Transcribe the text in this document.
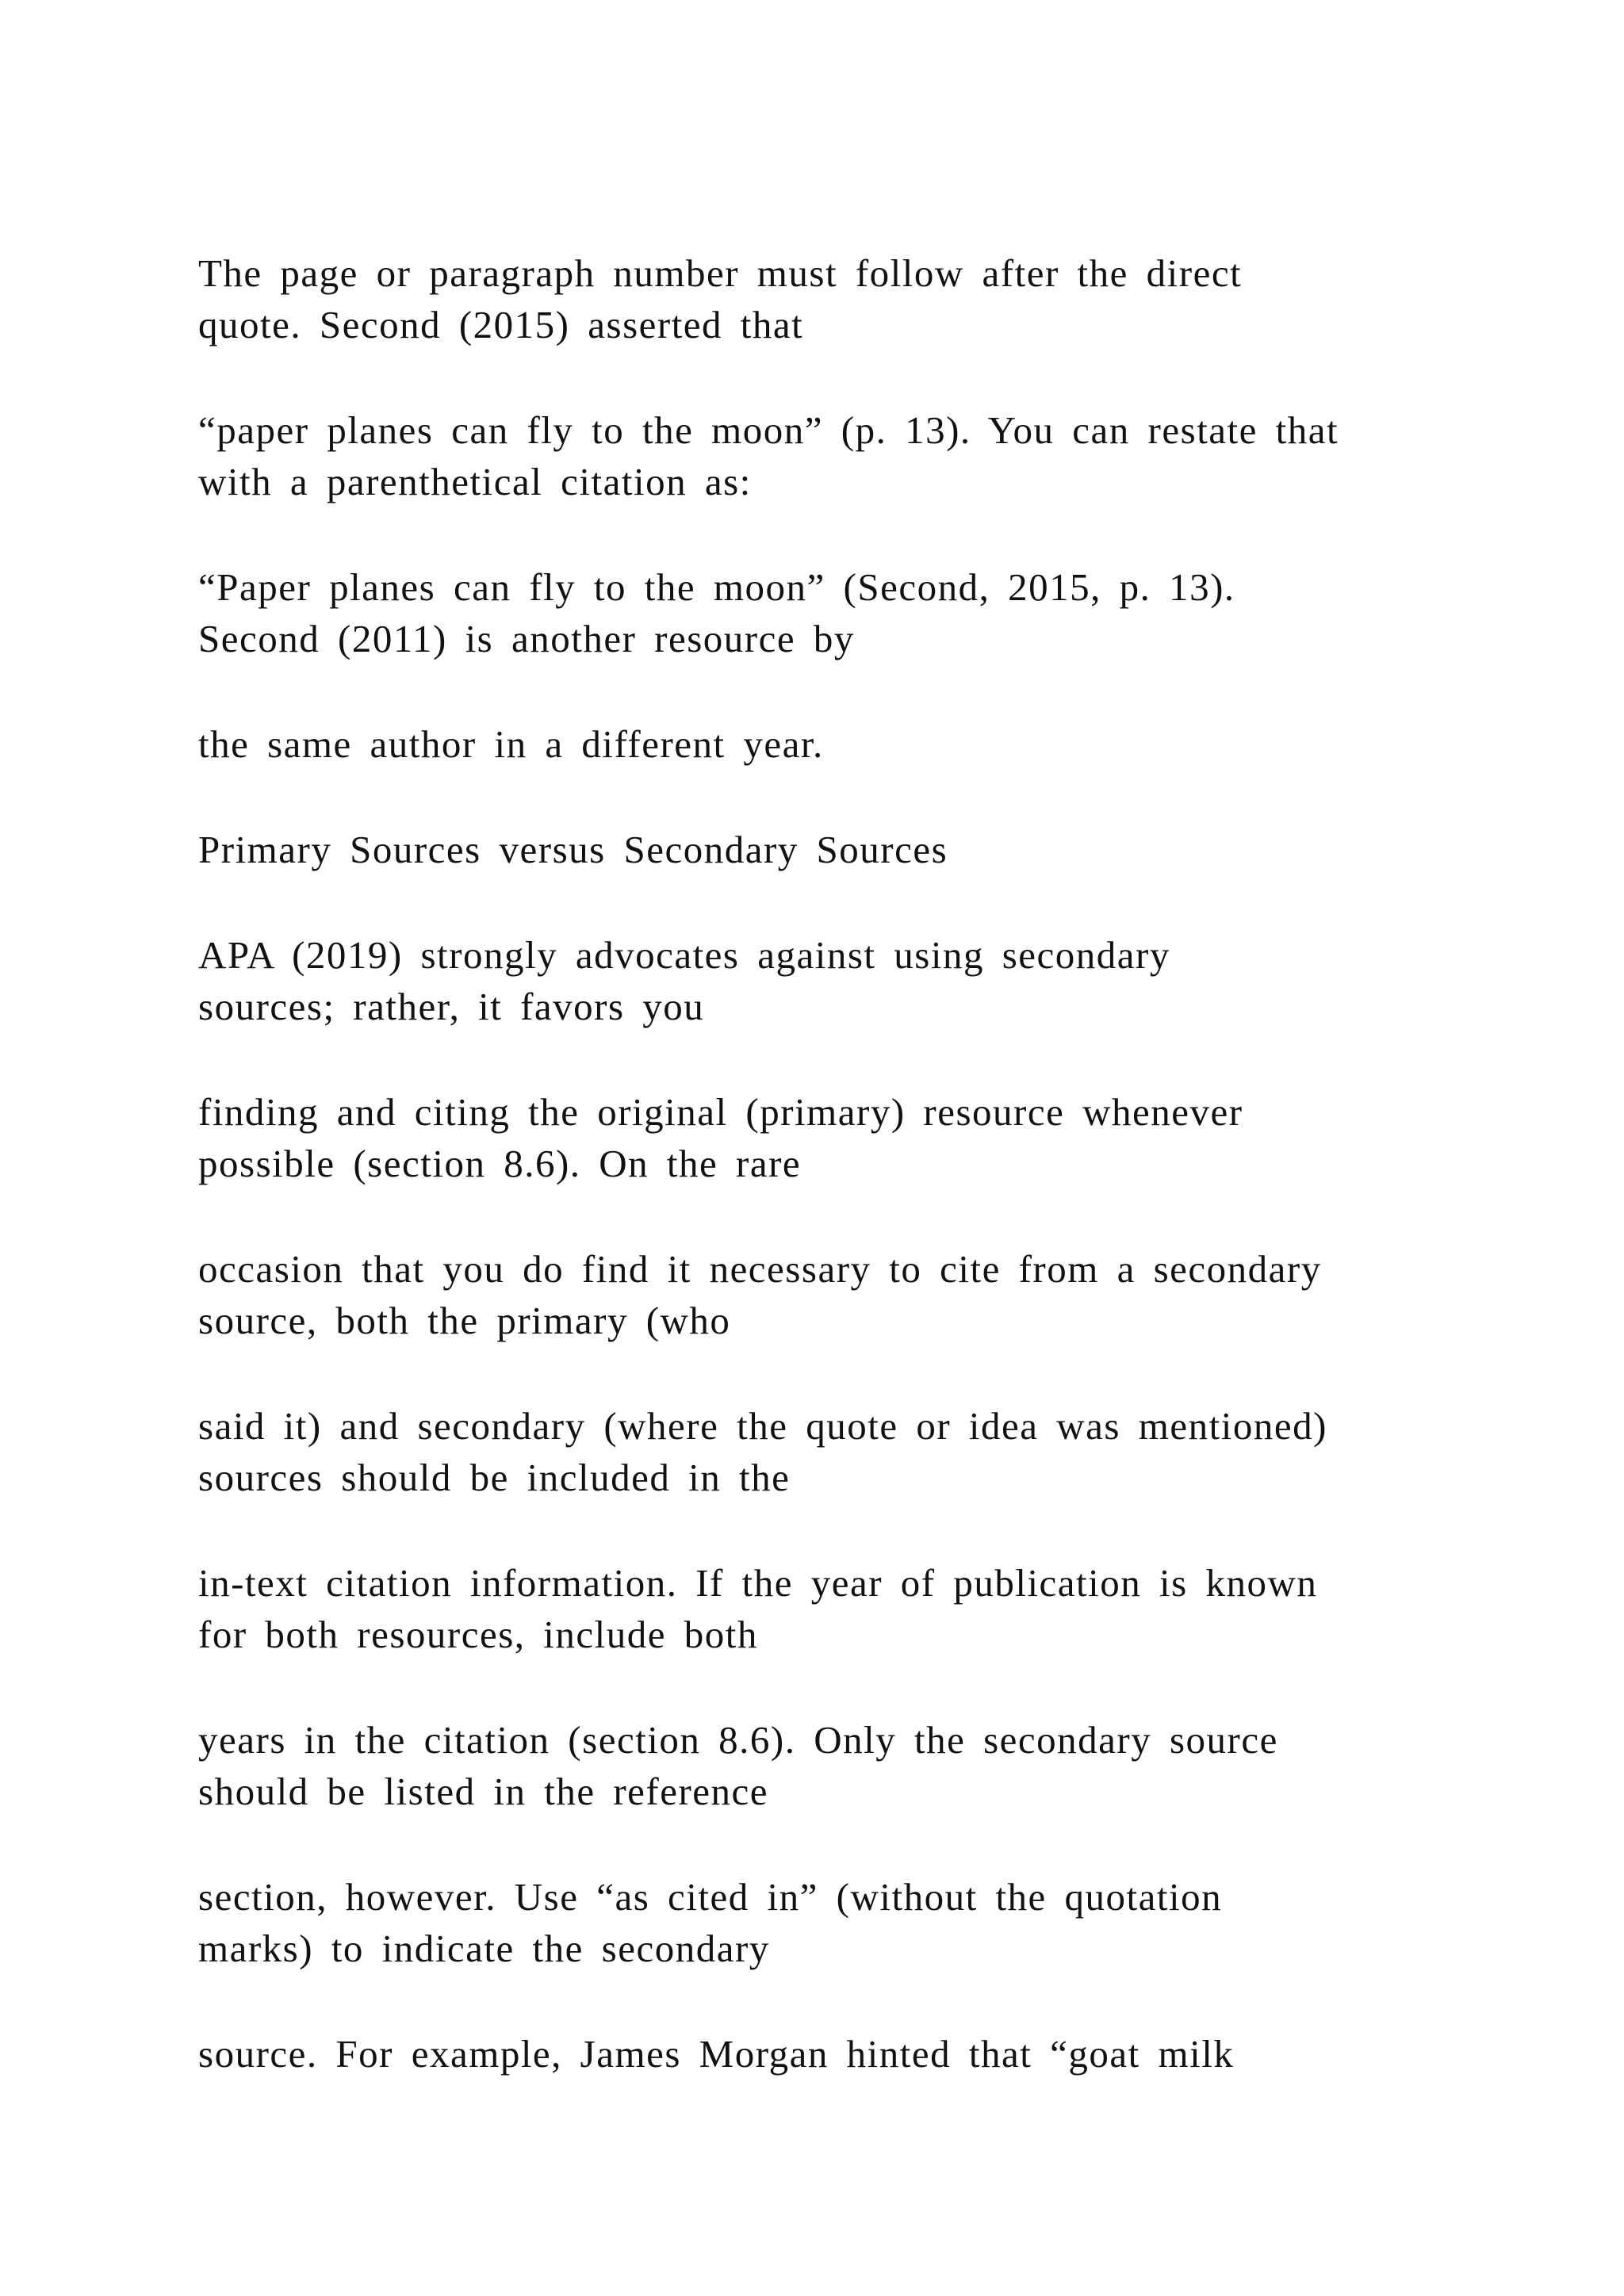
The page or paragraph number must follow after the direct
quote. Second (2015) asserted that
“paper planes can fly to the moon” (p. 13). You can restate that
with a parenthetical citation as:
“Paper planes can fly to the moon” (Second, 2015, p. 13).
Second (2011) is another resource by
the same author in a different year.
Primary Sources versus Secondary Sources
APA (2019) strongly advocates against using secondary
sources; rather, it favors you
finding and citing the original (primary) resource whenever
possible (section 8.6). On the rare
occasion that you do find it necessary to cite from a secondary
source, both the primary (who
said it) and secondary (where the quote or idea was mentioned)
sources should be included in the
in-text citation information. If the year of publication is known
for both resources, include both
years in the citation (section 8.6). Only the secondary source
should be listed in the reference
section, however. Use “as cited in” (without the quotation
marks) to indicate the secondary
source. For example, James Morgan hinted that “goat milk
